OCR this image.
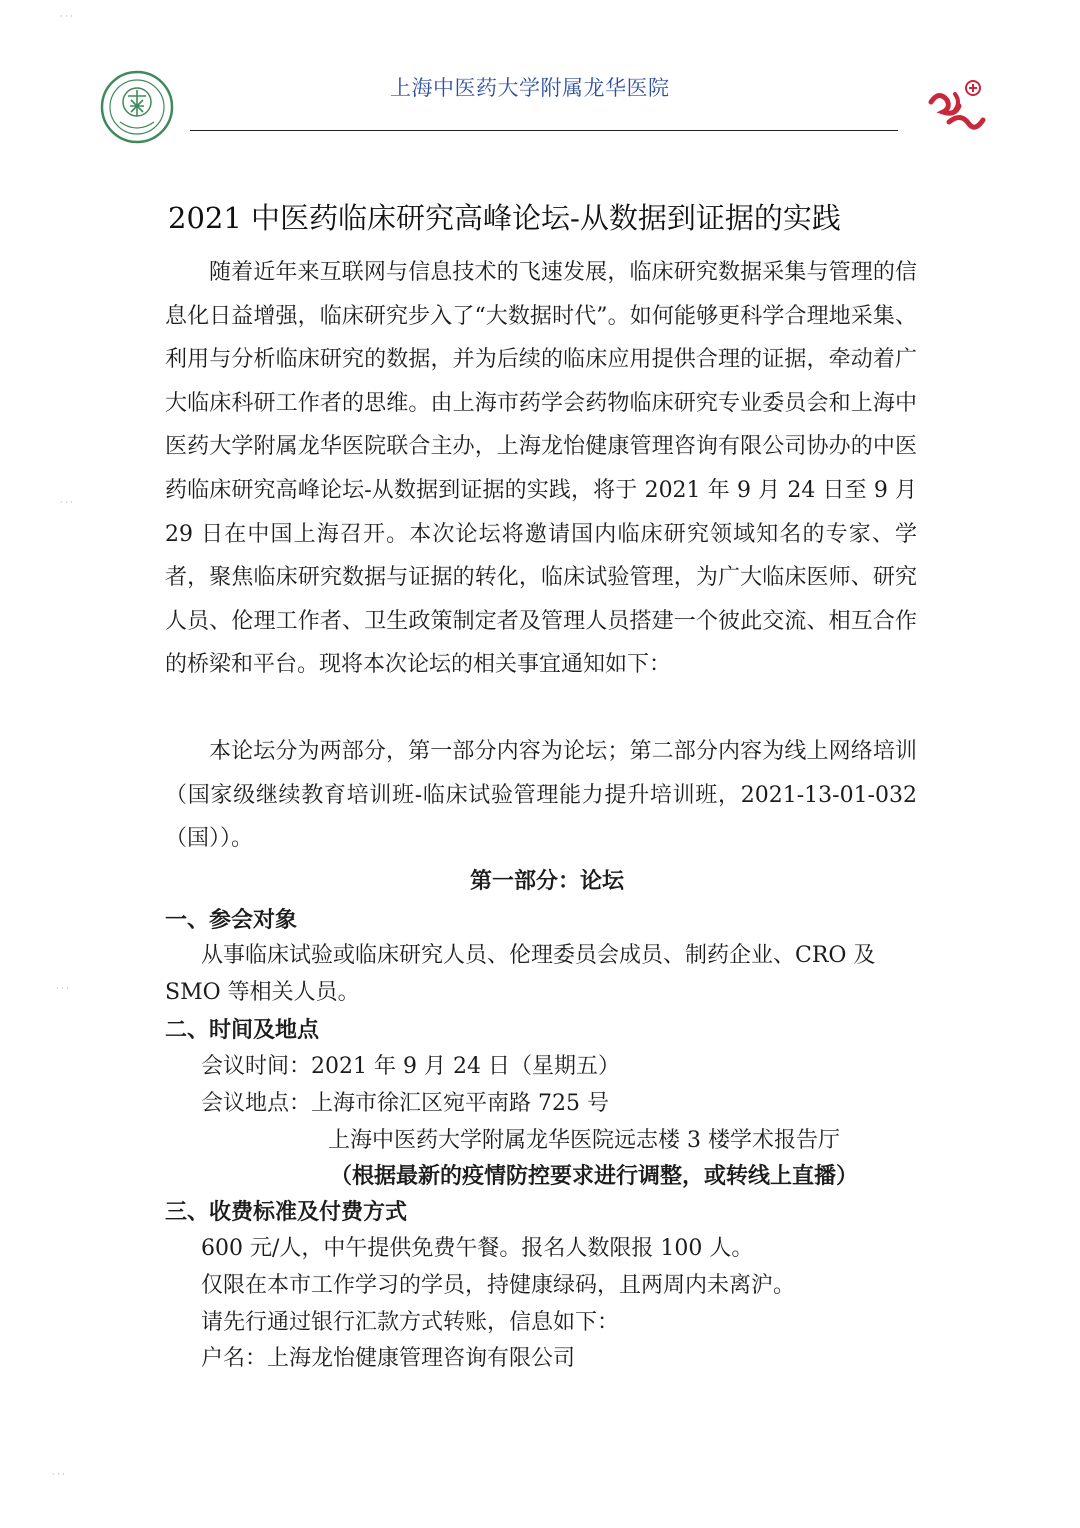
上海中医药大学附属龙华医院
2021 中医药临床研究高峰论坛-从数据到证据的实践
随着近年来互联网与信息技术的飞速发展，临床研究数据采集与管理的信息化日益增强，临床研究步入了“大数据时代”。如何能够更科学合理地采集、利用与分析临床研究的数据，并为后续的临床应用提供合理的证据，牵动着广大临床科研工作者的思维。由上海市药学会药物临床研究专业委员会和上海中医药大学附属龙华医院联合主办，上海龙怡健康管理咨询有限公司协办的中医药临床研究高峰论坛-从数据到证据的实践，将于 2021 年 9 月 24 日至 9 月 29 日在中国上海召开。本次论坛将邀请国内临床研究领域知名的专家、学者，聚焦临床研究数据与证据的转化，临床试验管理，为广大临床医师、研究人员、伦理工作者、卫生政策制定者及管理人员搭建一个彼此交流、相互合作的桥梁和平台。现将本次论坛的相关事宜通知如下：
本论坛分为两部分，第一部分内容为论坛；第二部分内容为线上网络培训（国家级继续教育培训班-临床试验管理能力提升培训班，2021-13-01-032（国））。
第一部分：论坛
一、参会对象
从事临床试验或临床研究人员、伦理委员会成员、制药企业、CRO 及 SMO 等相关人员。
二、时间及地点
会议时间：2021 年 9 月 24 日（星期五）
会议地点：上海市徐汇区宛平南路 725 号
上海中医药大学附属龙华医院远志楼 3 楼学术报告厅
（根据最新的疫情防控要求进行调整，或转线上直播）
三、收费标准及付费方式
600 元/人，中午提供免费午餐。报名人数限报 100 人。
仅限在本市工作学习的学员，持健康绿码，且两周内未离沪。
请先行通过银行汇款方式转账，信息如下：
户名：上海龙怡健康管理咨询有限公司
· · ·
· · ·
· · ·
· · ·
